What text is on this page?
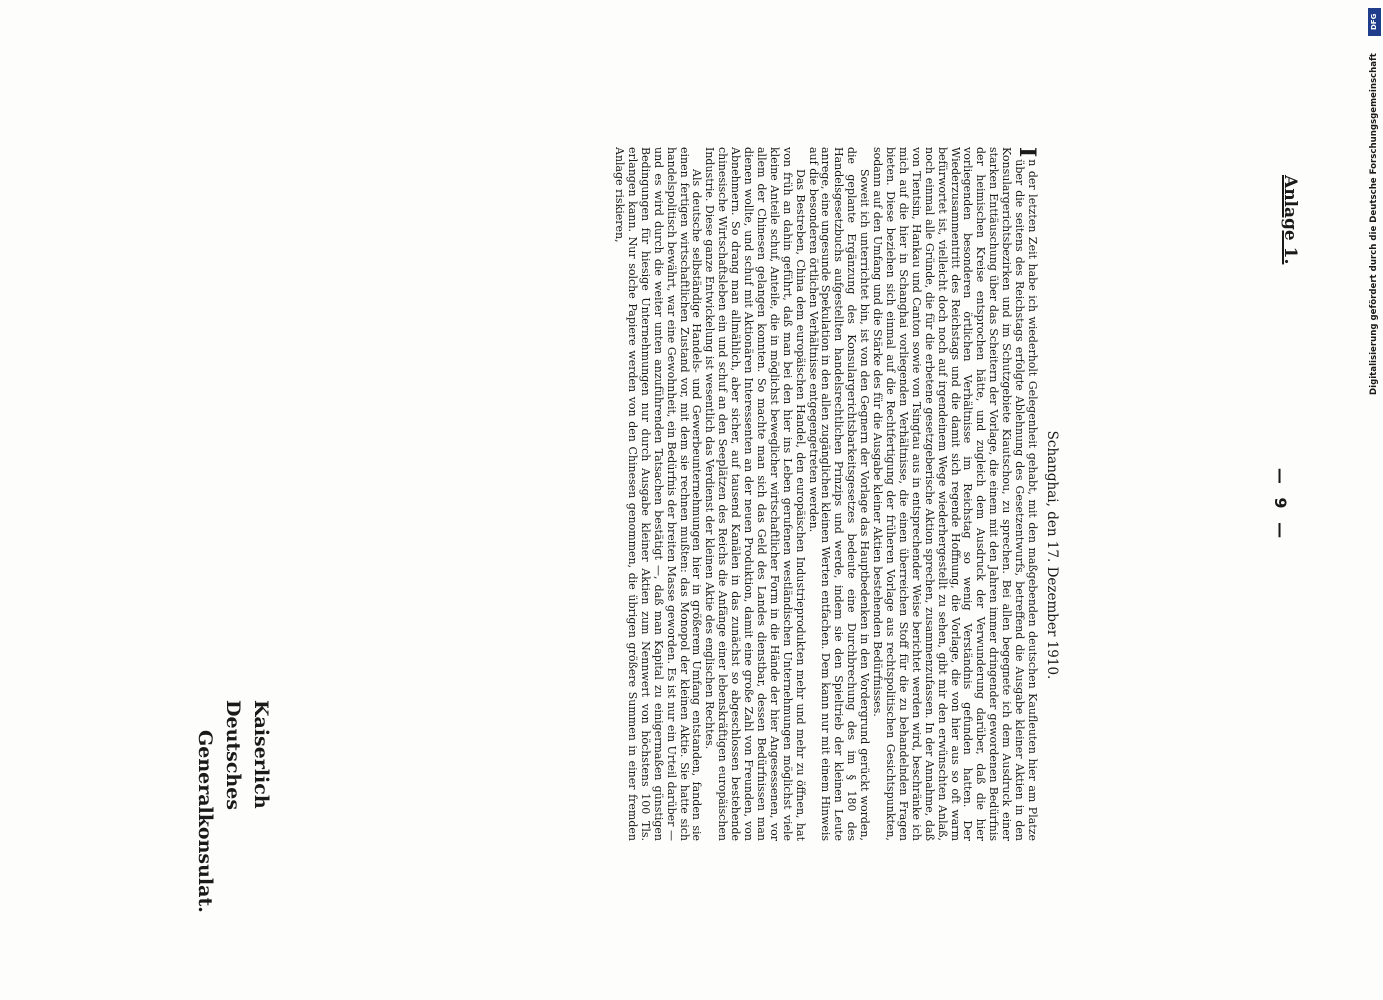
Anlage 1.
— 9 —
Schanghai, den 17. Dezember 1910.

I
n der letzten Zeit habe ich wiederholt Gelegenheit gehabt, mit den maßgebenden deutschen Kaufleuten hier am Platze über die seitens des Reichstags erfolgte Ablehnung des Gesetzentwurfs, betreffend die Ausgabe kleiner Aktien in den Konsulargerichtsbezirken und im Schutzgebiete Kiautschou, zu sprechen. Bei allen begegnete ich dem Ausdruck einer starken Enttäuschung über das Scheitern der Vorlage, die einem mit den Jahren immer dringender gewordenen Bedürfnis der heimischen Kreise entsprochen hätte, und zugleich dem Ausdruck der Verwunderung darüber, daß die hier vorliegenden besonderen örtlichen Verhältnisse im Reichstag so wenig Verständnis gefunden hatten. Der Wiederzusammentritt des Reichstags und die damit sich regende Hoffnung, die Vorlage, die von hier aus so oft warm befürwortet ist, vielleicht doch noch auf irgendeinem Wege wiederhergestellt zu sehen, gibt mir den erwünschten Anlaß, noch einmal alle Gründe, die für die erbetene gesetzgeberische Aktion sprechen, zusammenzufassen. In der Annahme, daß von Tientsin, Hankau und Canton sowie von Tsingtau aus in entsprechender Weise berichtet werden wird, beschränke ich mich auf die hier in Schanghai vorliegenden Verhältnisse, die einen überreichen Stoff für die zu behandelnden Fragen bieten. Diese beziehen sich einmal auf die Rechtfertigung der früheren Vorlage aus rechtspolitischen Gesichtspunkten, sodann auf den Umfang und die Stärke des für die Ausgabe kleiner Aktien bestehenden Bedürfnisses.

Soweit ich unterrichtet bin, ist von den Gegnern der Vorlage das Hauptbedenken in den Vordergrund gerückt worden, die geplante Ergänzung des Konsulargerichtsbarkeitsgesetzes bedeute eine Durchbrechung des im § 180 des Handelsgesetzbuchs aufgestellten handelsrechtlichen Prinzips und werde, indem sie den Spieltrieb der kleinen Leute anrege, eine ungesunde Spekulation in den allen zugänglichen kleinen Werten entfachen. Dem kann nur mit einem Hinweis auf die besonderen örtlichen Verhältnisse entgegengetreten werden.

Das Bestreben, China dem europäischen Handel, den europäischen Industrieprodukten mehr und mehr zu öffnen, hat von früh an dahin geführt, daß man bei den hier ins Leben gerufenen westländischen Unternehmungen möglichst viele kleine Anteile schuf, Anteile, die in möglichst beweglicher wirtschaftlicher Form in die Hände der hier Angesessenen, vor allem der Chinesen gelangen konnten. So machte man sich das Geld des Landes dienstbar, dessen Bedürfnissen man dienen wollte, und schuf mit Aktionären Interessenten an der neuen Produktion, damit eine große Zahl von Freunden, von Abnehmern. So drang man allmählich, aber sicher, auf tausend Kanälen in das zunächst so abgeschlossen bestehende chinesische Wirtschaftsleben ein und schuf an den Seeplätzen des Reichs die Anfänge einer lebenskräftigen europäischen Industrie. Diese ganze Entwickelung ist wesentlich das Verdienst der kleinen Aktie des englischen Rechtes.

Als deutsche selbständige Handels- und Gewerbeunternehmungen hier in größerem Umfang entstanden, fanden sie einen fertigen wirtschaftlichen Zustand vor, mit dem sie rechnen mußten: das Monopol der kleinen Aktie. Sie hatte sich handelspolitisch bewährt, war eine Gewohnheit, ein Bedürfnis der breiten Masse geworden. Es ist nur ein Urteil darüber — und es wird durch die weiter unten anzuführenden Tatsachen bestätigt —, daß man Kapital zu einigermaßen günstigen Bedingungen für hiesige Unternehmungen nur durch Ausgabe kleiner Aktien zum Nennwert von höchstens 100 Tls. erlangen kann. Nur solche Papiere werden von den Chinesen genommen, die übrigen größere Summen in einer fremden Anlage riskieren,

Kaiserlich Deutsches
Generalkonsulat.
DFG
Digitalisierung gefördert durch die Deutsche Forschungsgemeinschaft
